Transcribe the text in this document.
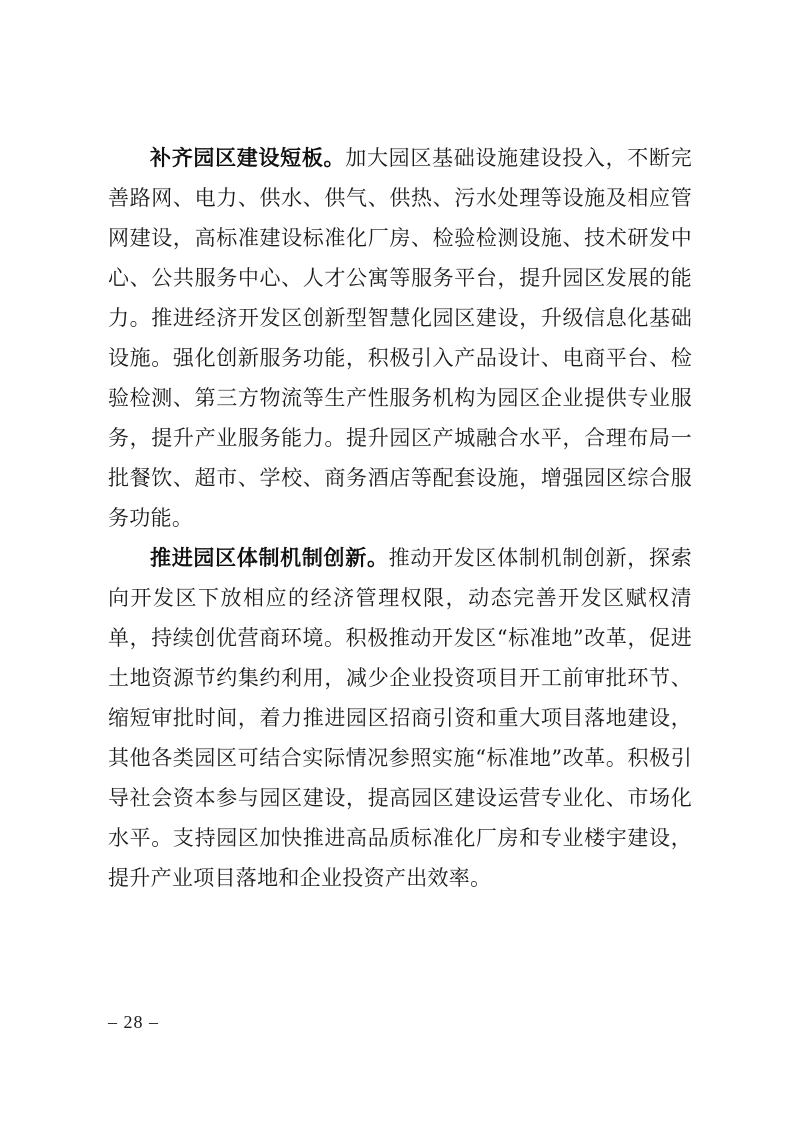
补齐园区建设短板。加大园区基础设施建设投入，不断完善路网、电力、供水、供气、供热、污水处理等设施及相应管网建设，高标准建设标准化厂房、检验检测设施、技术研发中心、公共服务中心、人才公寓等服务平台，提升园区发展的能力。推进经济开发区创新型智慧化园区建设，升级信息化基础设施。强化创新服务功能，积极引入产品设计、电商平台、检验检测、第三方物流等生产性服务机构为园区企业提供专业服务，提升产业服务能力。提升园区产城融合水平，合理布局一批餐饮、超市、学校、商务酒店等配套设施，增强园区综合服务功能。

推进园区体制机制创新。推动开发区体制机制创新，探索向开发区下放相应的经济管理权限，动态完善开发区赋权清单，持续创优营商环境。积极推动开发区“标准地”改革，促进土地资源节约集约利用，减少企业投资项目开工前审批环节、缩短审批时间，着力推进园区招商引资和重大项目落地建设，其他各类园区可结合实际情况参照实施“标准地”改革。积极引导社会资本参与园区建设，提高园区建设运营专业化、市场化水平。支持园区加快推进高品质标准化厂房和专业楼宇建设，提升产业项目落地和企业投资产出效率。

– 28 –
